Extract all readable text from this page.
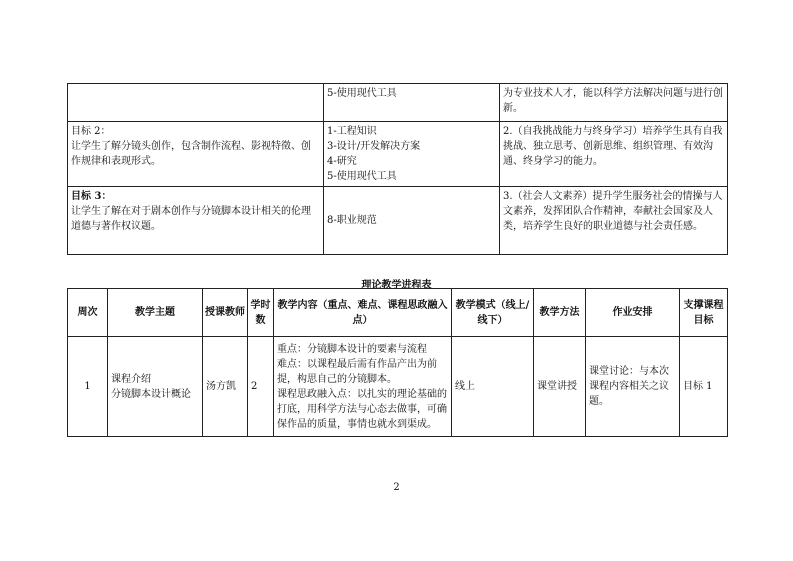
	5-使用现代工具	为专业技术人才，能以科学方法解决问题与进行创新。

目标 2：
让学生了解分镜头创作，包含制作流程、影视特徵、创作规律和表现形式。	1-工程知识
3-设计/开发解决方案
4-研究
5-使用现代工具	2.（自我挑战能力与终身学习）培养学生具有自我挑战、独立思考、创新思维、组织管理、有效沟通、终身学习的能力。

目标 3：
让学生了解在对于剧本创作与分镜脚本设计相关的伦理道德与著作权议题。	8-职业规范	3.（社会人文素养）提升学生服务社会的情操与人文素养，发挥团队合作精神，奉献社会国家及人类，培养学生良好的职业道德与社会责任感。
理论教学进程表
周次	教学主题	授课教师	学时数	教学内容（重点、难点、课程思政融入点）	教学模式（线上/线下）	教学方法	作业安排	支撑课程目标
1	课程介绍
分镜脚本设计概论	汤方凯	2	重点：分镜脚本设计的要素与流程
难点：以课程最后需有作品产出为前提，构思自己的分镜脚本。
课程思政融入点：以扎实的理论基础的打底，用科学方法与心态去做事，可确保作品的质量，事情也就水到渠成。	线上	课堂讲授	课堂讨论：与本次课程内容相关之议题。	目标 1
2
